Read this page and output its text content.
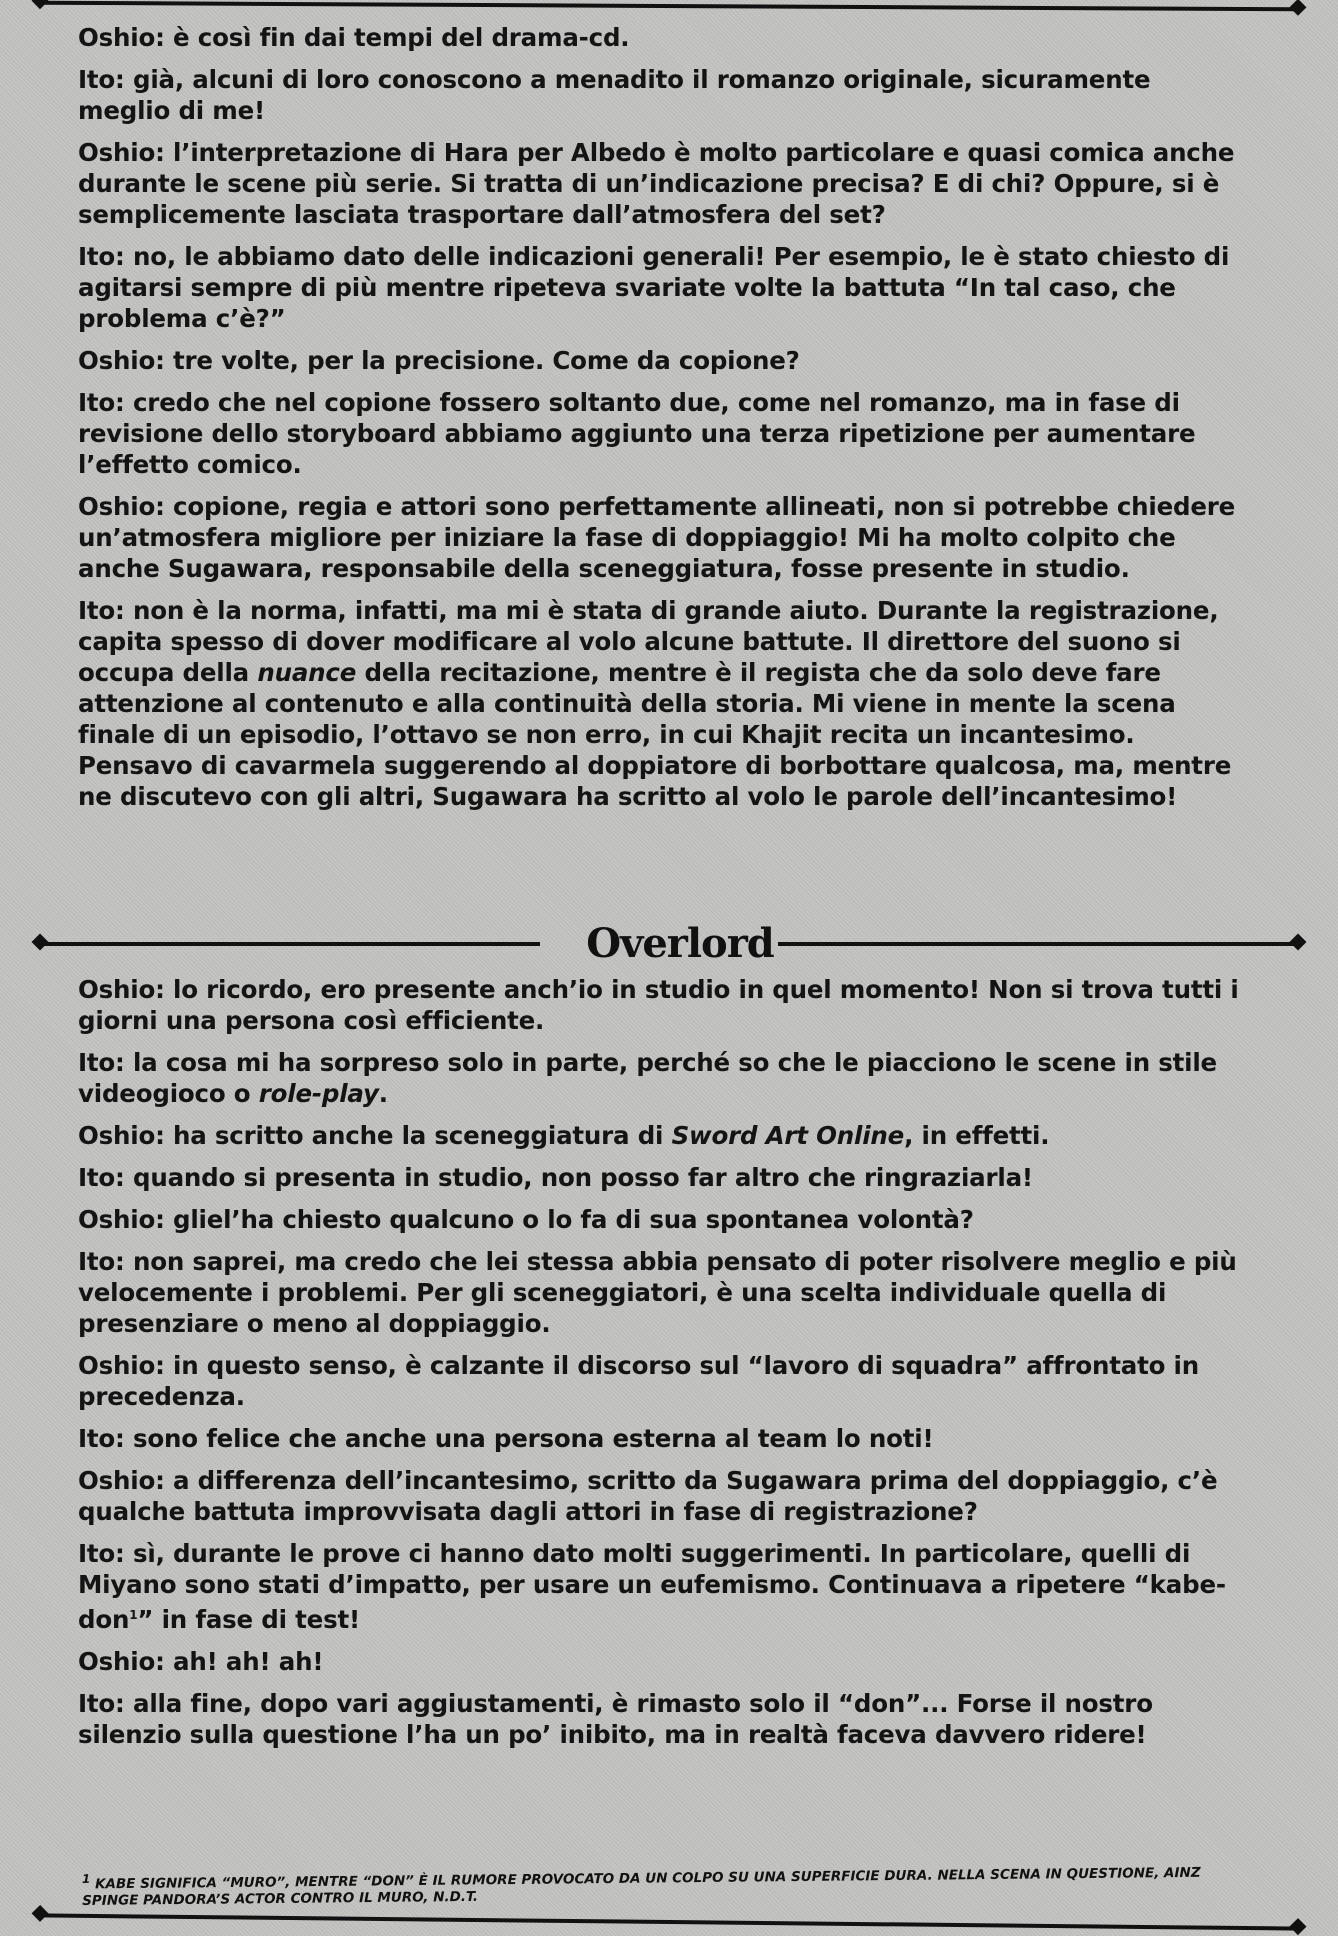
Oshio: è così fin dai tempi del drama-cd.

Ito: già, alcuni di loro conoscono a menadito il romanzo originale, sicuramente meglio di me!

Oshio: l’interpretazione di Hara per Albedo è molto particolare e quasi comica anche durante le scene più serie. Si tratta di un’indicazione precisa? E di chi? Oppure, si è semplicemente lasciata trasportare dall’atmosfera del set?

Ito: no, le abbiamo dato delle indicazioni generali! Per esempio, le è stato chiesto di agitarsi sempre di più mentre ripeteva svariate volte la battuta “In tal caso, che problema c’è?”

Oshio: tre volte, per la precisione. Come da copione?

Ito: credo che nel copione fossero soltanto due, come nel romanzo, ma in fase di revisione dello storyboard abbiamo aggiunto una terza ripetizione per aumentare l’effetto comico.

Oshio: copione, regia e attori sono perfettamente allineati, non si potrebbe chiedere un’atmosfera migliore per iniziare la fase di doppiaggio! Mi ha molto colpito che anche Sugawara, responsabile della sceneggiatura, fosse presente in studio.

Ito: non è la norma, infatti, ma mi è stata di grande aiuto. Durante la registrazione, capita spesso di dover modificare al volo alcune battute. Il direttore del suono si occupa della nuance della recitazione, mentre è il regista che da solo deve fare attenzione al contenuto e alla continuità della storia. Mi viene in mente la scena finale di un episodio, l’ottavo se non erro, in cui Khajit recita un incantesimo. Pensavo di cavarmela suggerendo al doppiatore di borbottare qualcosa, ma, mentre ne discutevo con gli altri, Sugawara ha scritto al volo le parole dell’incantesimo!

Overlord

Oshio: lo ricordo, ero presente anch’io in studio in quel momento! Non si trova tutti i giorni una persona così efficiente.

Ito: la cosa mi ha sorpreso solo in parte, perché so che le piacciono le scene in stile videogioco o role-play.

Oshio: ha scritto anche la sceneggiatura di Sword Art Online, in effetti.

Ito: quando si presenta in studio, non posso far altro che ringraziarla!

Oshio: gliel’ha chiesto qualcuno o lo fa di sua spontanea volontà?

Ito: non saprei, ma credo che lei stessa abbia pensato di poter risolvere meglio e più velocemente i problemi. Per gli sceneggiatori, è una scelta individuale quella di presenziare o meno al doppiaggio.

Oshio: in questo senso, è calzante il discorso sul “lavoro di squadra” affrontato in precedenza.

Ito: sono felice che anche una persona esterna al team lo noti!

Oshio: a differenza dell’incantesimo, scritto da Sugawara prima del doppiaggio, c’è qualche battuta improvvisata dagli attori in fase di registrazione?

Ito: sì, durante le prove ci hanno dato molti suggerimenti. In particolare, quelli di Miyano sono stati d’impatto, per usare un eufemismo. Continuava a ripetere “kabe-don$^1$” in fase di test!

Oshio: ah! ah! ah!

Ito: alla fine, dopo vari aggiustamenti, è rimasto solo il “don”... Forse il nostro silenzio sulla questione l’ha un po’ inibito, ma in realtà faceva davvero ridere!

$^1$ KABE SIGNIFICA “MURO”, MENTRE “DON” È IL RUMORE PROVOCATO DA UN COLPO SU UNA SUPERFICIE DURA. NELLA SCENA IN QUESTIONE, AINZ SPINGE PANDORA’S ACTOR CONTRO IL MURO, N.D.T.
